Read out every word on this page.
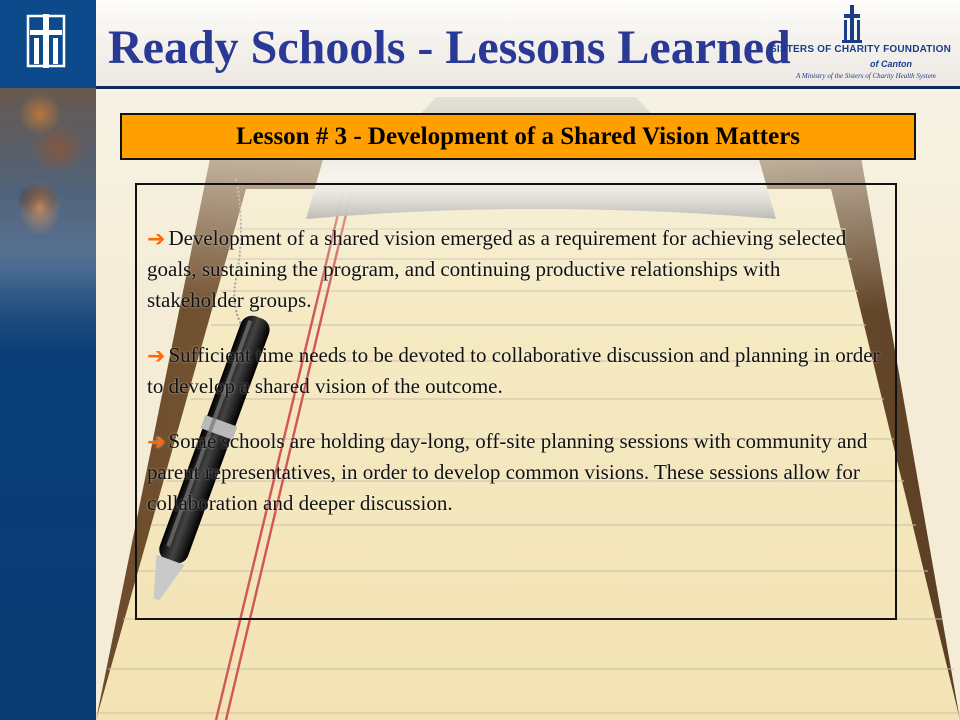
Ready Schools - Lessons Learned
SISTERS OF CHARITY FOUNDATION
of Canton
A Ministry of the Sisters of Charity Health System
Lesson # 3 - Development of a Shared Vision Matters
➔ Development of a shared vision emerged as a requirement for achieving selected goals, sustaining the program, and continuing productive relationships with stakeholder groups.
➔ Sufficient time needs to be devoted to collaborative discussion and planning in order to develop a shared vision of the outcome.
➔ Some schools are holding day-long, off-site planning sessions with community and parent representatives, in order to develop common visions. These sessions allow for collaboration and deeper discussion.
